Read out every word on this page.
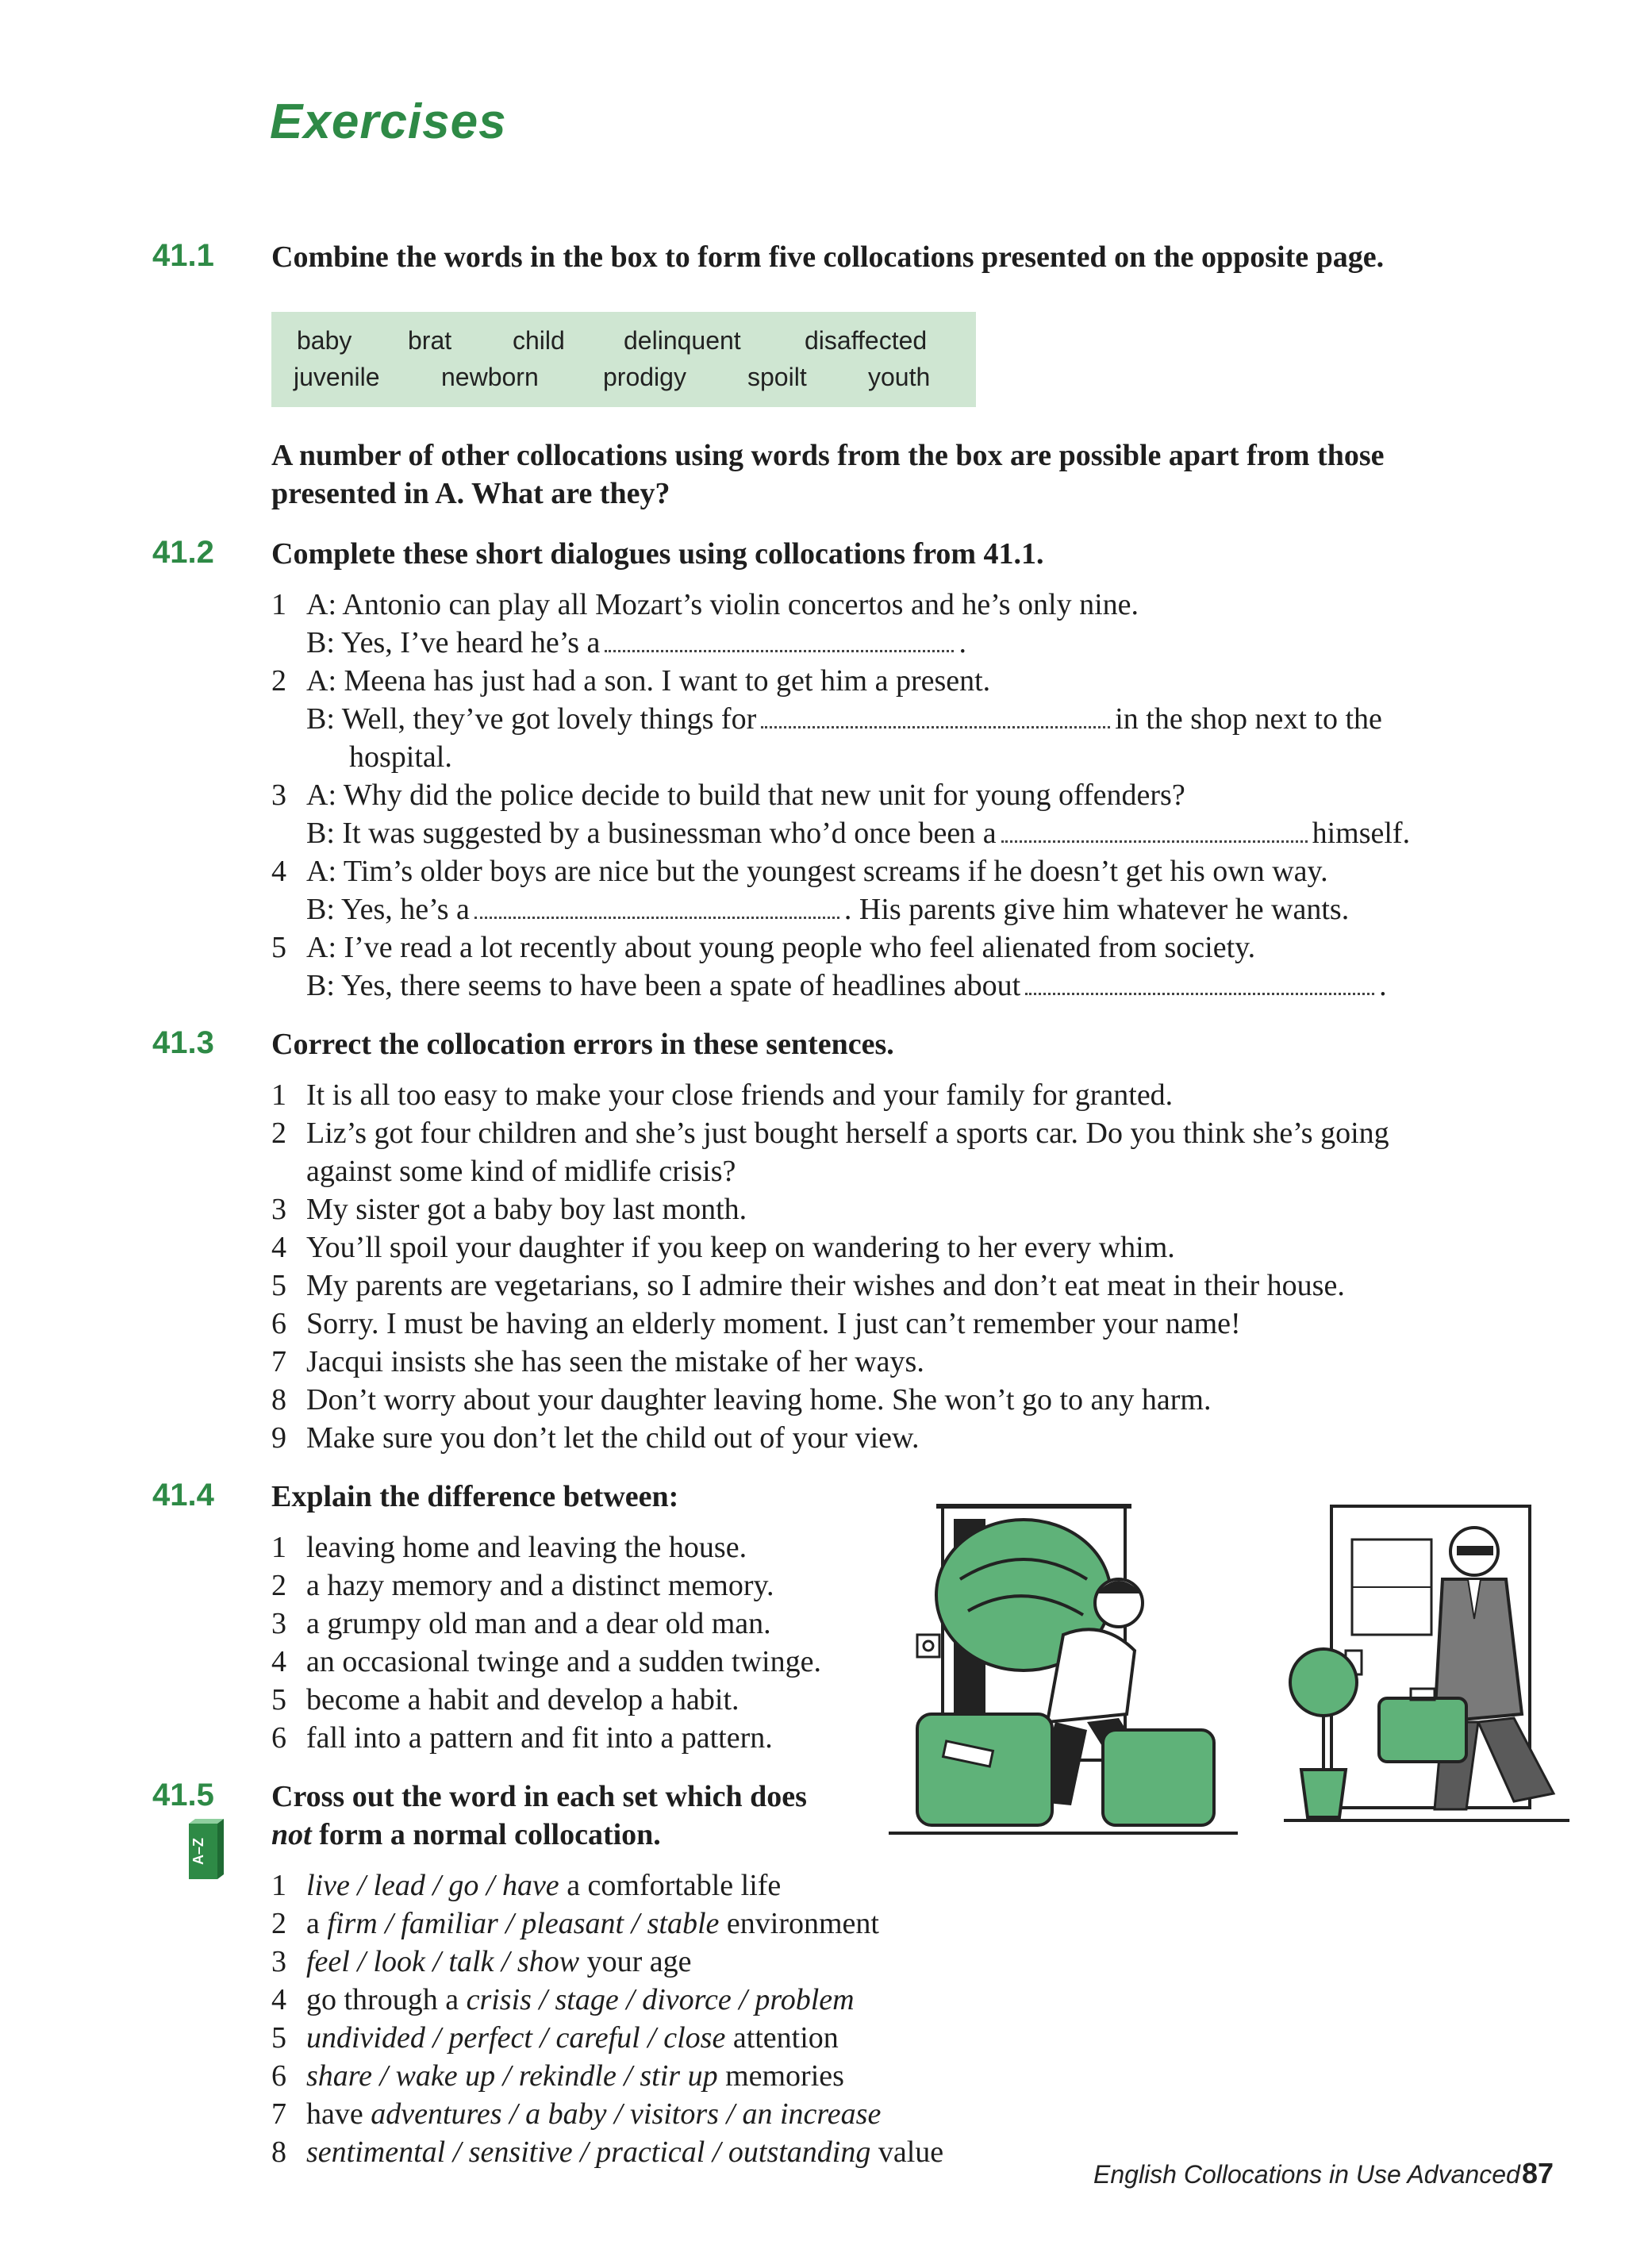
Exercises
41.1 Combine the words in the box to form five collocations presented on the opposite page.
baby brat child delinquent	disaffected
juvenile newborn	prodigy spoilt youth
A number of other collocations using words from the box are possible apart from those
presented in A. What are they?
41.2 Complete these short dialogues using collocations from 41.1.
1 A: Antonio can play all Mozart’s violin concertos and he’s only nine.
B: Yes, I’ve heard he’s a	.
2 A: Meena has just had a son. I want to get him a present.
B: Well, they’ve got lovely things for	in the shop next to the
hospital.
3 A: Why did the police decide to build that new unit for young offenders?
B: It was suggested by a businessman who’d once been a	himself.
4 A: Tim’s older boys are nice but the youngest screams if he doesn’t get his own way.
B: Yes, he’s a	. His parents give him whatever he wants.
5 A: I’ve read a lot recently about young people who feel alienated from society.
B: Yes, there seems to have been a spate of headlines about	.
41.3 Correct the collocation errors in these sentences.
1 It is all too easy to make your close friends and your family for granted.
2 Liz’s got four children and she’s just bought herself a sports car. Do you think she’s going
against some kind of midlife crisis?
3 My sister got a baby boy last month.
4 You’ll spoil your daughter if you keep on wandering to her every whim.
5 My parents are vegetarians, so I admire their wishes and don’t eat meat in their house.
6 Sorry. I must be having an elderly moment. I just can’t remember your name!
7 Jacqui insists she has seen the mistake of her ways.
8 Don’t worry about your daughter leaving home. She won’t go to any harm.
9 Make sure you don’t let the child out of your view.
41.4 Explain the difference between:
1 leaving home and leaving the house.
2 a hazy memory and a distinct memory.
3 a grumpy old man and a dear old man.
4 an occasional twinge and a sudden twinge.
5 become a habit and develop a habit.
6 fall into a pattern and fit into a pattern.
41.5 Cross out the word in each set which does
not form a normal collocation.
A–Z
1 live / lead / go / have a comfortable life
2 a firm / familiar / pleasant / stable environment
3 feel / look / talk / show your age
4 go through a crisis / stage / divorce / problem
5 undivided / perfect / careful / close attention
6 share / wake up / rekindle / stir up memories
7 have adventures / a baby / visitors / an increase
8 sentimental / sensitive / practical / outstanding value
English Collocations in Use Advanced 87
